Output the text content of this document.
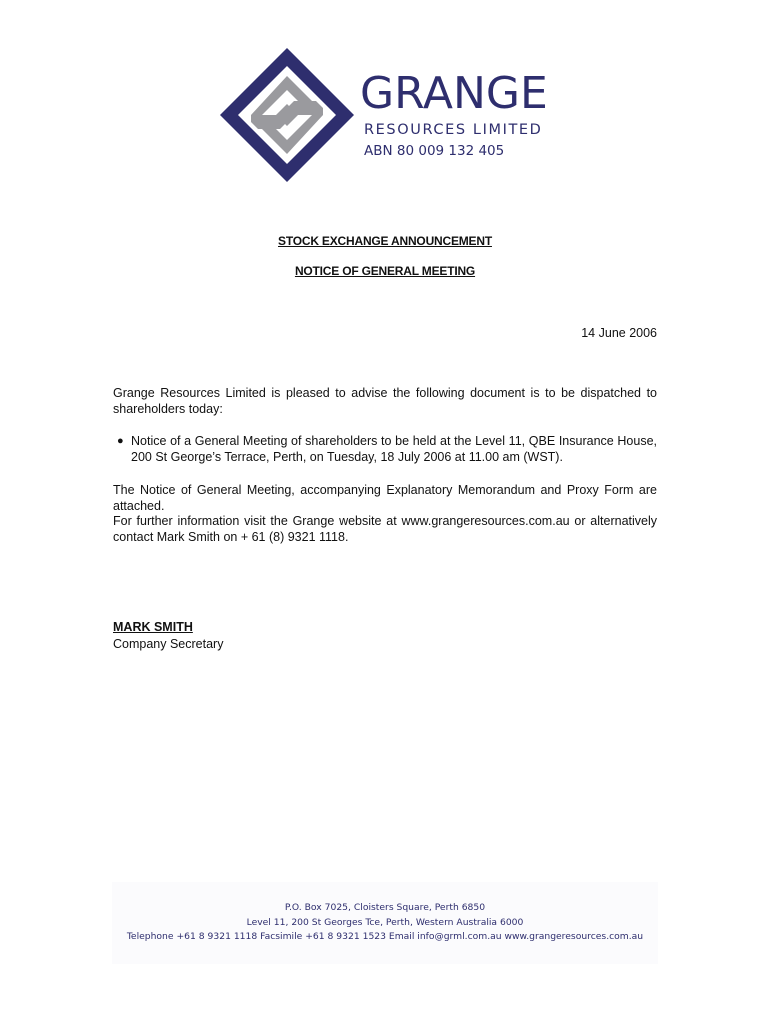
GRANGE
RESOURCES LIMITED
ABN 80 009 132 405
STOCK EXCHANGE ANNOUNCEMENT
NOTICE OF GENERAL MEETING
14 June 2006
Grange Resources Limited is pleased to advise the following document is to be dispatched to shareholders today:
● Notice of a General Meeting of shareholders to be held at the Level 11, QBE Insurance House, 200 St George’s Terrace, Perth, on Tuesday, 18 July 2006 at 11.00 am (WST).
The Notice of General Meeting, accompanying Explanatory Memorandum and Proxy Form are attached.
For further information visit the Grange website at www.grangeresources.com.au or alternatively contact Mark Smith on + 61 (8) 9321 1118.
MARK SMITH
Company Secretary
P.O. Box 7025, Cloisters Square, Perth 6850
Level 11, 200 St Georges Tce, Perth, Western Australia 6000
Telephone +61 8 9321 1118 Facsimile +61 8 9321 1523 Email info@grml.com.au www.grangeresources.com.au
